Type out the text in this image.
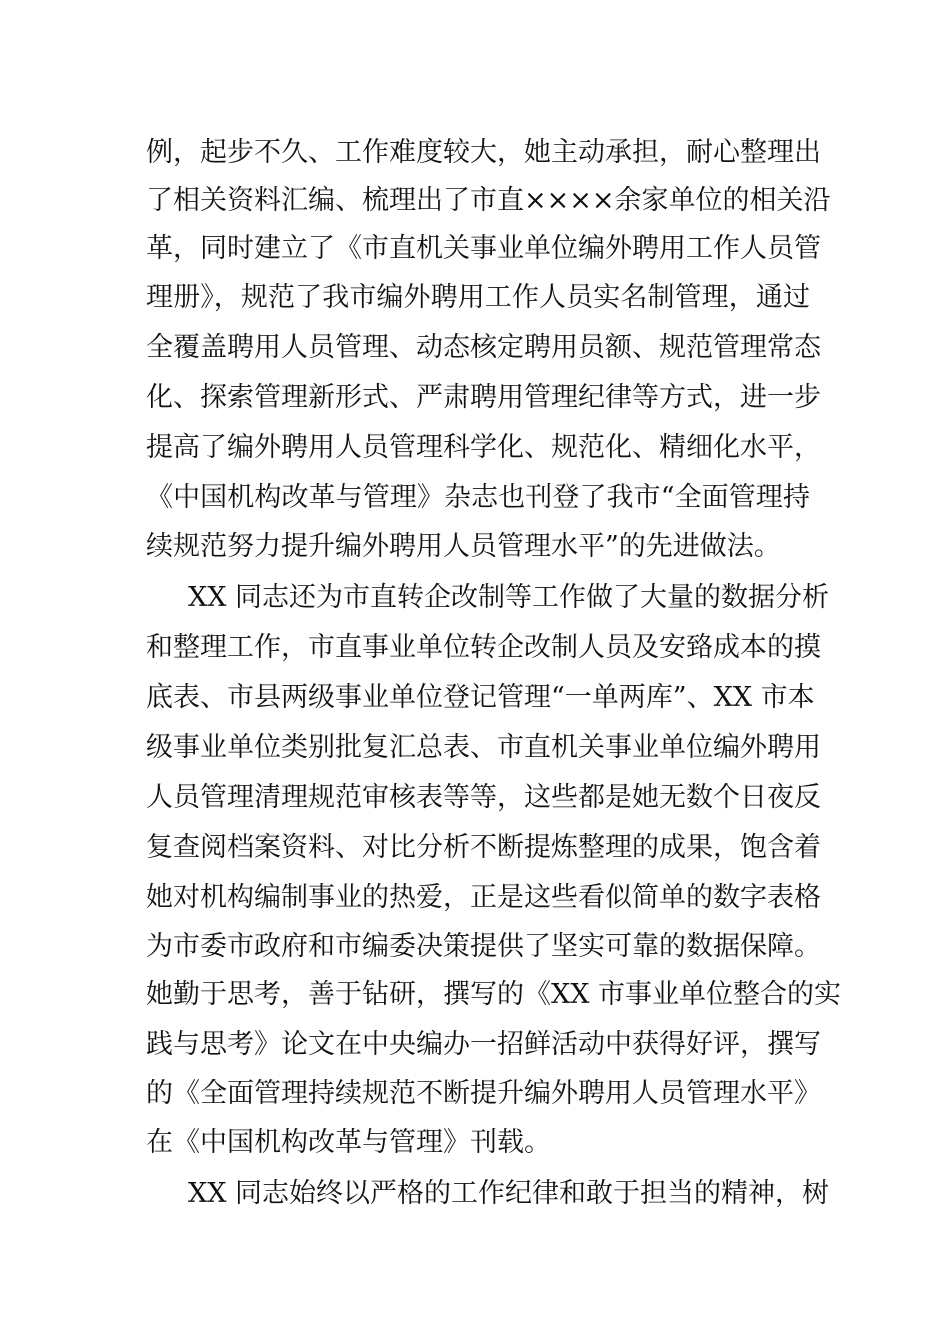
例，起步不久、工作难度较大，她主动承担，耐心整理出
了相关资料汇编、梳理出了市直××××余家单位的相关沿
革，同时建立了《市直机关事业单位编外聘用工作人员管
理册》，规范了我市编外聘用工作人员实名制管理，通过
全覆盖聘用人员管理、动态核定聘用员额、规范管理常态
化、探索管理新形式、严肃聘用管理纪律等方式，进一步
提高了编外聘用人员管理科学化、规范化、精细化水平，
《中国机构改革与管理》杂志也刊登了我市“全面管理持
续规范努力提升编外聘用人员管理水平”的先进做法。
XX 同志还为市直转企改制等工作做了大量的数据分析
和整理工作，市直事业单位转企改制人员及安臵成本的摸
底表、市县两级事业单位登记管理“一单两库”、XX 市本
级事业单位类别批复汇总表、市直机关事业单位编外聘用
人员管理清理规范审核表等等，这些都是她无数个日夜反
复查阅档案资料、对比分析不断提炼整理的成果，饱含着
她对机构编制事业的热爱，正是这些看似简单的数字表格
为市委市政府和市编委决策提供了坚实可靠的数据保障。
她勤于思考，善于钻研，撰写的《XX 市事业单位整合的实
践与思考》论文在中央编办一招鲜活动中获得好评，撰写
的《全面管理持续规范不断提升编外聘用人员管理水平》
在《中国机构改革与管理》刊载。
XX 同志始终以严格的工作纪律和敢于担当的精神，树
